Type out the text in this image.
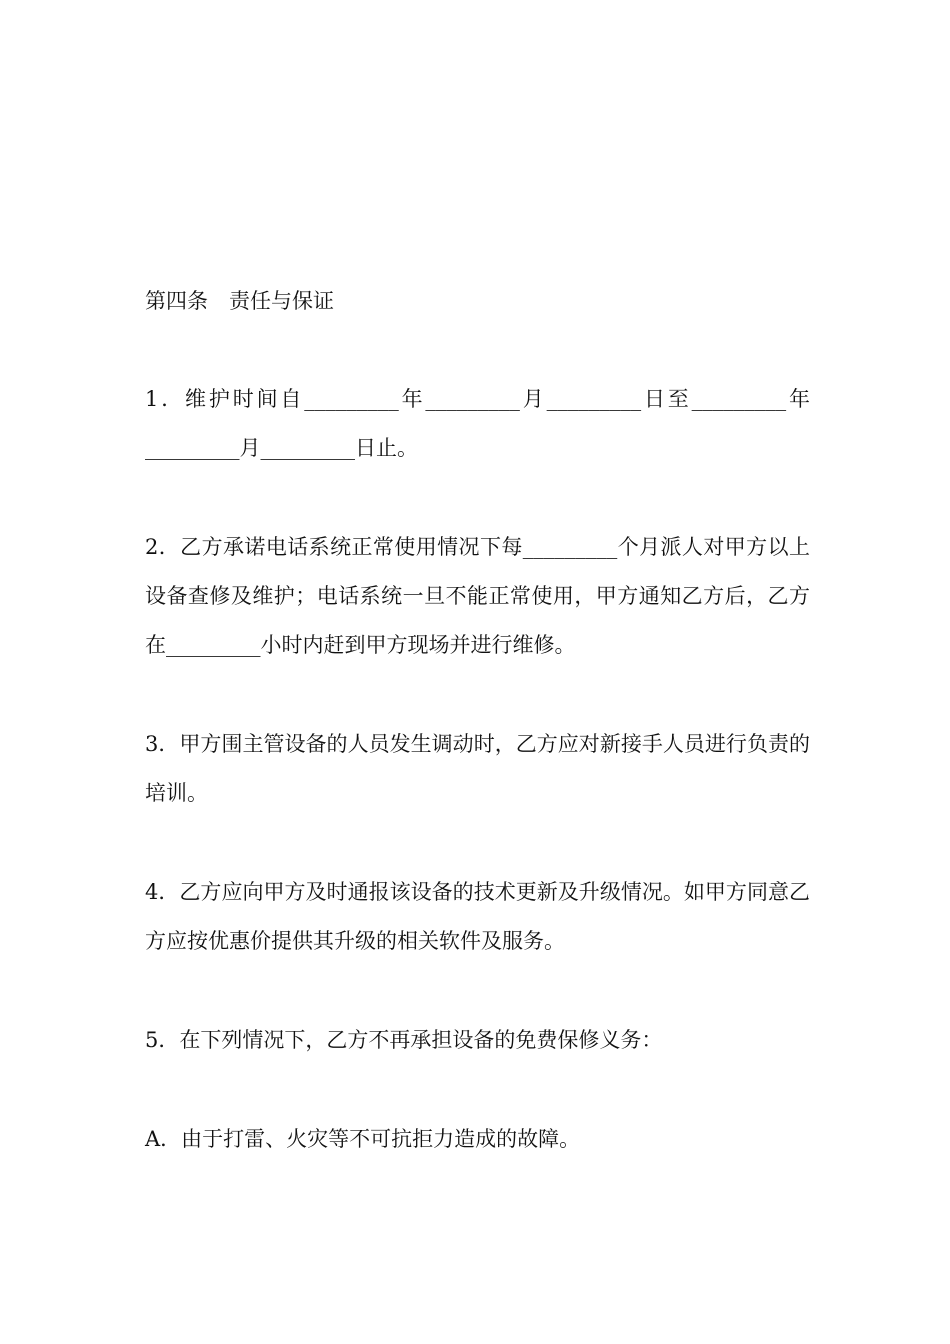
第四条　责任与保证
1．维护时间自_________年_________月_________日至_________年_________月_________日止。
2．乙方承诺电话系统正常使用情况下每_________个月派人对甲方以上设备查修及维护；电话系统一旦不能正常使用，甲方通知乙方后，乙方在_________小时内赶到甲方现场并进行维修。
3．甲方围主管设备的人员发生调动时，乙方应对新接手人员进行负责的培训。
4．乙方应向甲方及时通报该设备的技术更新及升级情况。如甲方同意乙方应按优惠价提供其升级的相关软件及服务。
5．在下列情况下，乙方不再承担设备的免费保修义务：
A．由于打雷、火灾等不可抗拒力造成的故障。
